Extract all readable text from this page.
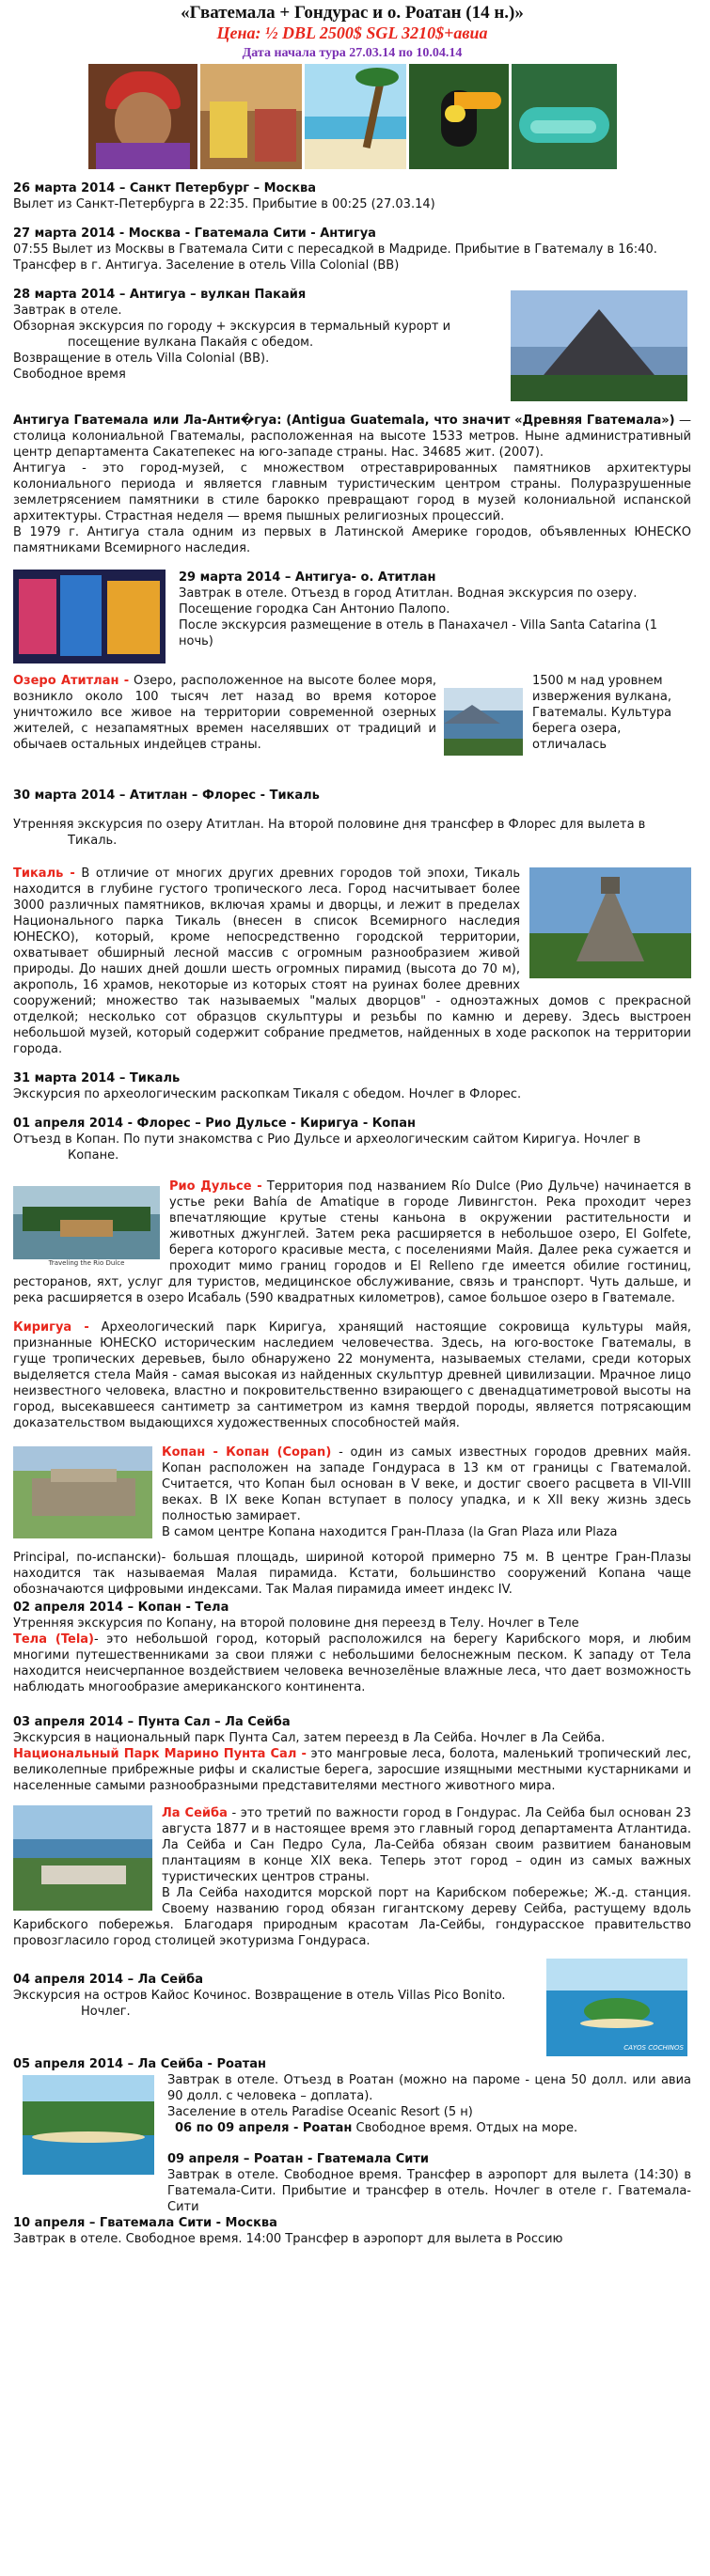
«Гватемала + Гондурас и о. Роатан (14 н.)»
Цена: ½ DBL 2500$ SGL 3210$+авиа
Дата начала тура 27.03.14 по 10.04.14
26 марта 2014 – Санкт Петербург – Москва
Вылет из Санкт-Петербурга в 22:35. Прибытие в 00:25 (27.03.14)
27 марта 2014 - Москва - Гватемала Сити - Антигуа
07:55 Вылет из Москвы в Гватемала Сити с пересадкой в Мадриде. Прибытие в Гватемалу в 16:40. Трансфер в г. Антигуа. Заселение в отель Villa Colonial (BB)
28 марта 2014 – Антигуа – вулкан Пакайя
Завтрак в отеле.
Обзорная экскурсия по городу + экскурсия в термальный курорт и
посещение вулкана Пакайя с обедом.
Возвращение в отель Villa Colonial (BB).
Свободное время
Антигуа Гватемала или Ла-Анти�гуа: (Antigua Guatemala, что значит «Древняя Гватемала») — столица колониальной Гватемалы, расположенная на высоте 1533 метров. Ныне административный центр департамента Сакатепекес на юго-западе страны. Нас. 34685 жит. (2007).
Антигуа - это город-музей, с множеством отреставрированных памятников архитектуры колониального периода и является главным туристическим центром страны. Полуразрушенные землетрясением памятники в стиле барокко превращают город в музей колониальной испанской архитектуры. Страстная неделя — время пышных религиозных процессий.
В 1979 г. Антигуа стала одним из первых в Латинской Америке городов, объявленных ЮНЕСКО памятниками Всемирного наследия.
29 марта 2014 – Антигуа- о. Атитлан
Завтрак в отеле. Отъезд в город Атитлан. Водная экскурсия по озеру.
Посещение городка Сан Антонио Палопо.
После экскурсия размещение в отель в Панахачел - Villa Santa Catarina (1 ночь)
Озеро Атитлан - Озеро, расположенное на высоте более моря, возникло около 100 тысяч лет назад во время которое уничтожило все живое на территории современной озерных жителей, с незапамятных времен населявших от традиций и обычаев остальных индейцев страны.
1500 м над уровнем извержения вулкана, Гватемалы. Культура берега озера, отличалась
30 марта 2014 – Атитлан – Флорес - Тикаль
Утренняя экскурсия по озеру Атитлан. На второй половине дня трансфер в Флорес для вылета в
Тикаль.
Тикаль - В отличие от многих других древних городов той эпохи, Тикаль находится в глубине густого тропического леса. Город насчитывает более 3000 различных памятников, включая храмы и дворцы, и лежит в пределах Национального парка Тикаль (внесен в список Всемирного наследия ЮНЕСКО), который, кроме непосредственно городской территории, охватывает обширный лесной массив с огромным разнообразием живой природы. До наших дней дошли шесть огромных пирамид (высота до 70 м), акрополь, 16 храмов, некоторые из которых стоят на руинах более древних сооружений; множество так называемых "малых дворцов" - одноэтажных домов с прекрасной отделкой; несколько сот образцов скульптуры и резьбы по камню и дереву. Здесь выстроен небольшой музей, который содержит собрание предметов, найденных в ходе раскопок на территории города.
31 марта 2014 – Тикаль
Экскурсия по археологическим раскопкам Тикаля с обедом. Ночлег в Флорес.
01 апреля 2014 - Флорес – Рио Дульсе - Киригуа - Копан
Отъезд в Копан. По пути знакомства с Рио Дульсе и археологическим сайтом Киригуа. Ночлег в
Копане.
Traveling the Rio Dulce
Рио Дульсе - Территория под названием Río Dulce (Рио Дульче) начинается в устье реки Bahía de Amatique в городе Ливингстон. Река проходит через впечатляющие крутые стены каньона в окружении растительности и животных джунглей. Затем река расширяется в небольшое озеро, El Golfete, берега которого красивые места, с поселениями Майя. Далее река сужается и проходит мимо границ городов и El Relleno где имеется обилие гостиниц, ресторанов, яхт, услуг для туристов, медицинское обслуживание, связь и транспорт. Чуть дальше, и река расширяется в озеро Исабаль (590 квадратных километров), самое большое озеро в Гватемале.
Киригуа - Археологический парк Киригуа, хранящий настоящие сокровища культуры майя, признанные ЮНЕСКО историческим наследием человечества. Здесь, на юго-востоке Гватемалы, в гуще тропических деревьев, было обнаружено 22 монумента, называемых стелами, среди которых выделяется стела Майя - самая высокая из найденных скульптур древней цивилизации. Мрачное лицо неизвестного человека, властно и покровительственно взирающего с двенадцатиметровой высоты на город, высекавшееся сантиметр за сантиметром из камня твердой породы, является потрясающим доказательством выдающихся художественных способностей майя.
Копан - Копан (Copan) - один из самых известных городов древних майя. Копан расположен на западе Гондураса в 13 км от границы с Гватемалой. Считается, что Копан был основан в V веке, и достиг своего расцвета в VII-VIII веках. В IX веке Копан вступает в полосу упадка, и к XII веку жизнь здесь полностью замирает.
В самом центре Копана находится Гран-Плаза (la Gran Plaza или Plaza
Principal, по-испански)- большая площадь, шириной которой примерно 75 м. В центре Гран-Плазы находится так называемая Малая пирамида. Кстати, большинство сооружений Копана чаще обозначаются цифровыми индексами. Так Малая пирамида имеет индекс IV.
02 апреля 2014 – Копан - Тела
Утренняя экскурсия по Копану, на второй половине дня переезд в Телу. Ночлег в Теле
Тела (Tela)- это небольшой город, который расположился на берегу Карибского моря, и любим многими путешественниками за свои пляжи с небольшими белоснежным песком. К западу от Тела находится неисчерпанное воздействием человека вечнозелёные влажные леса, что дает возможность наблюдать многообразие американского континента.
03 апреля 2014 – Пунта Сал – Ла Сейба
Экскурсия в национальный парк Пунта Сал, затем переезд в Ла Сейба. Ночлег в Ла Сейба.
Национальный Парк Марино Пунта Сал - это мангровые леса, болота, маленький тропический лес, великолепные прибрежные рифы и скалистые берега, заросшие изящными местными кустарниками и населенные самыми разнообразными представителями местного животного мира.
Ла Сейба - это третий по важности город в Гондурас. Ла Сейба был основан 23 августа 1877 и в настоящее время это главный город департамента Атлантида. Ла Сейба и Сан Педро Сула, Ла-Сейба обязан своим развитием банановым плантациям в конце XIX века. Теперь этот город – один из самых важных туристических центров страны.
В Ла Сейба находится морской порт на Карибском побережье; Ж.-д. станция. Своему названию город обязан гигантскому дереву Сейба, растущему вдоль Карибского побережья. Благодаря природным красотам Ла-Сейбы, гондурасское правительство провозгласило город столицей экотуризма Гондураса.
CAYOS COCHINOS
04 апреля 2014 – Ла Сейба
Экскурсия на остров Кайос Кочинос. Возвращение в отель Villas Pico Bonito.
Ночлег.
05 апреля 2014 – Ла Сейба - Роатан
Завтрак в отеле. Отъезд в Роатан (можно на пароме - цена 50 долл. или авиа 90 долл. с человека – доплата).
Заселение в отель Paradise Oceanic Resort (5 н)
06 по 09 апреля - Роатан Свободное время. Отдых на море.
09 апреля – Роатан - Гватемала Сити
Завтрак в отеле. Свободное время. Трансфер в аэропорт для вылета (14:30) в Гватемала-Сити. Прибытие и трансфер в отель. Ночлег в отеле г. Гватемала-Сити
10 апреля – Гватемала Сити - Москва
Завтрак в отеле. Свободное время. 14:00 Трансфер в аэропорт для вылета в Россию
